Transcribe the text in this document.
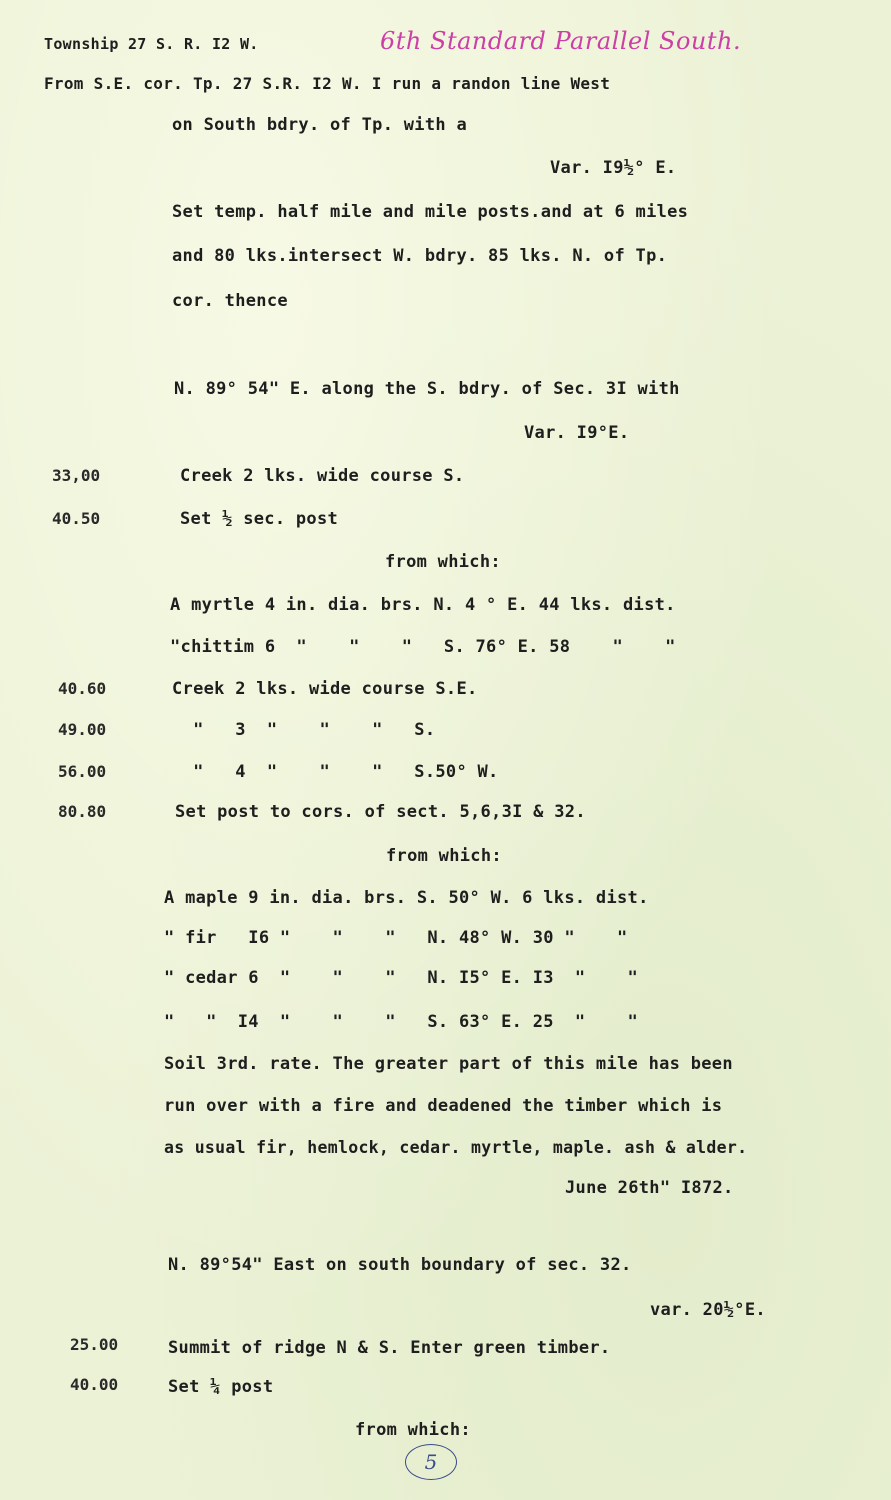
Township 27 S. R. I2 W.	6th Standard Parallel South.
From S.E. cor. Tp. 27 S.R. I2 W. I run a randon line West
on South bdry. of Tp. with a
Var. I9½° E.
Set temp. half mile and mile posts.and at 6 miles
and 80 lks.intersect W. bdry. 85 lks. N. of Tp.
cor. thence
N. 89° 54" E. along the S. bdry. of Sec. 3I with
Var. I9°E.
33,00	Creek 2 lks. wide course S.
40.50	Set ½ sec. post
from which:
A myrtle 4 in. dia. brs. N. 4 ° E. 44 lks. dist.
"chittim 6  "    "    "   S. 76° E. 58    "    "
40.60	Creek 2 lks. wide course S.E.
49.00	"   3  "    "    "   S.
56.00	"   4  "    "    "   S.50° W.
80.80	Set post to cors. of sect. 5,6,3I & 32.
from which:
A maple 9 in. dia. brs. S. 50° W. 6 lks. dist.
" fir   I6 "    "    "   N. 48° W. 30 "    "
" cedar 6  "    "    "   N. I5° E. I3  "    "
"   "  I4  "    "    "   S. 63° E. 25  "    "
Soil 3rd. rate. The greater part of this mile has been
run over with a fire and deadened the timber which is
as usual fir, hemlock, cedar. myrtle, maple. ash & alder.
June 26th" I872.
N. 89°54" East on south boundary of sec. 32.
var. 20½°E.
25.00	Summit of ridge N & S. Enter green timber.
40.00	Set ¼ post
from which:
5
